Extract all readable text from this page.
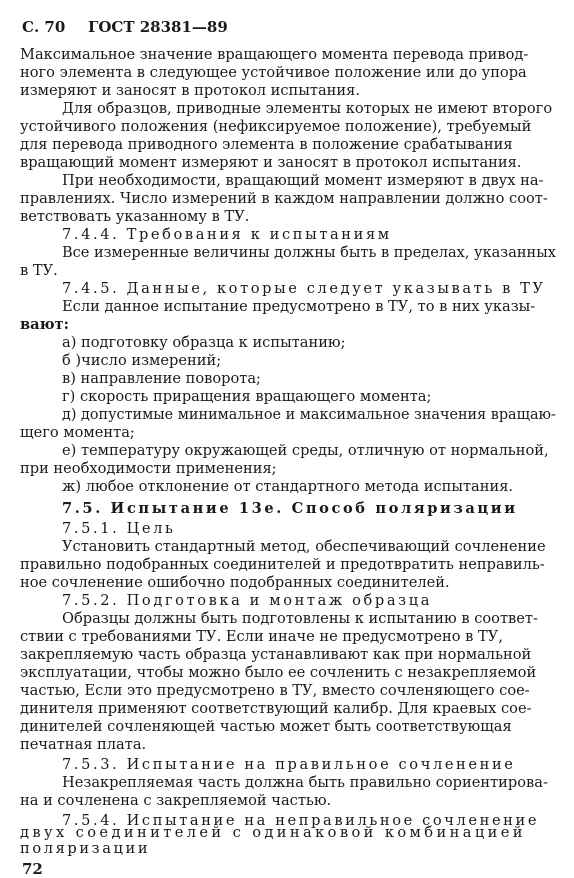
С. 70 ГОСТ 28381—89
Максимальное значение вращающего момента перевода привод-
ного элемента в следующее устойчивое положение или до упора
измеряют и заносят в протокол испытания.
Для образцов, приводные элементы которых не имеют второго
устойчивого положения (нефиксируемое положение), требуемый
для перевода приводного элемента в положение срабатывания
вращающий момент измеряют и заносят в протокол испытания.
При необходимости, вращающий момент измеряют в двух на-
правлениях. Число измерений в каждом направлении должно соот-
ветствовать указанному в ТУ.
7.4.4. Требования к испытаниям
Все измеренные величины должны быть в пределах, указанных
в ТУ.
7.4.5. Данные, которые следует указывать в ТУ
Если данное испытание предусмотрено в ТУ, то в них указы-
вают:
а) подготовку образца к испытанию;
б )число измерений;
в) направление поворота;
г) скорость приращения вращающего момента;
д) допустимые минимальное и максимальное значения вращаю-
щего момента;
е) температуру окружающей среды, отличную от нормальной,
при необходимости применения;
ж) любое отклонение от стандартного метода испытания.
7.5. Испытание 13е. Способ поляризации
7.5.1. Цель
Установить стандартный метод, обеспечивающий сочленение
правильно подобранных соединителей и предотвратить неправиль-
ное сочленение ошибочно подобранных соединителей.
7.5.2. Подготовка и монтаж образца
Образцы должны быть подготовлены к испытанию в соответ-
ствии с требованиями ТУ. Если иначе не предусмотрено в ТУ,
закрепляемую часть образца устанавливают как при нормальной
эксплуатации, чтобы можно было ее сочленить с незакрепляемой
частью, Если это предусмотрено в ТУ, вместо сочленяющего сое-
динителя применяют соответствующий калибр. Для краевых сое-
динителей сочленяющей частью может быть соответствующая
печатная плата.
7.5.3. Испытание на правильное сочленение
Незакрепляемая часть должна быть правильно сориентирова-
на и сочленена с закрепляемой частью.
7.5.4. Испытание на неправильное сочленение
двух соединителей с одинаковой комбинацией
поляризации
72
